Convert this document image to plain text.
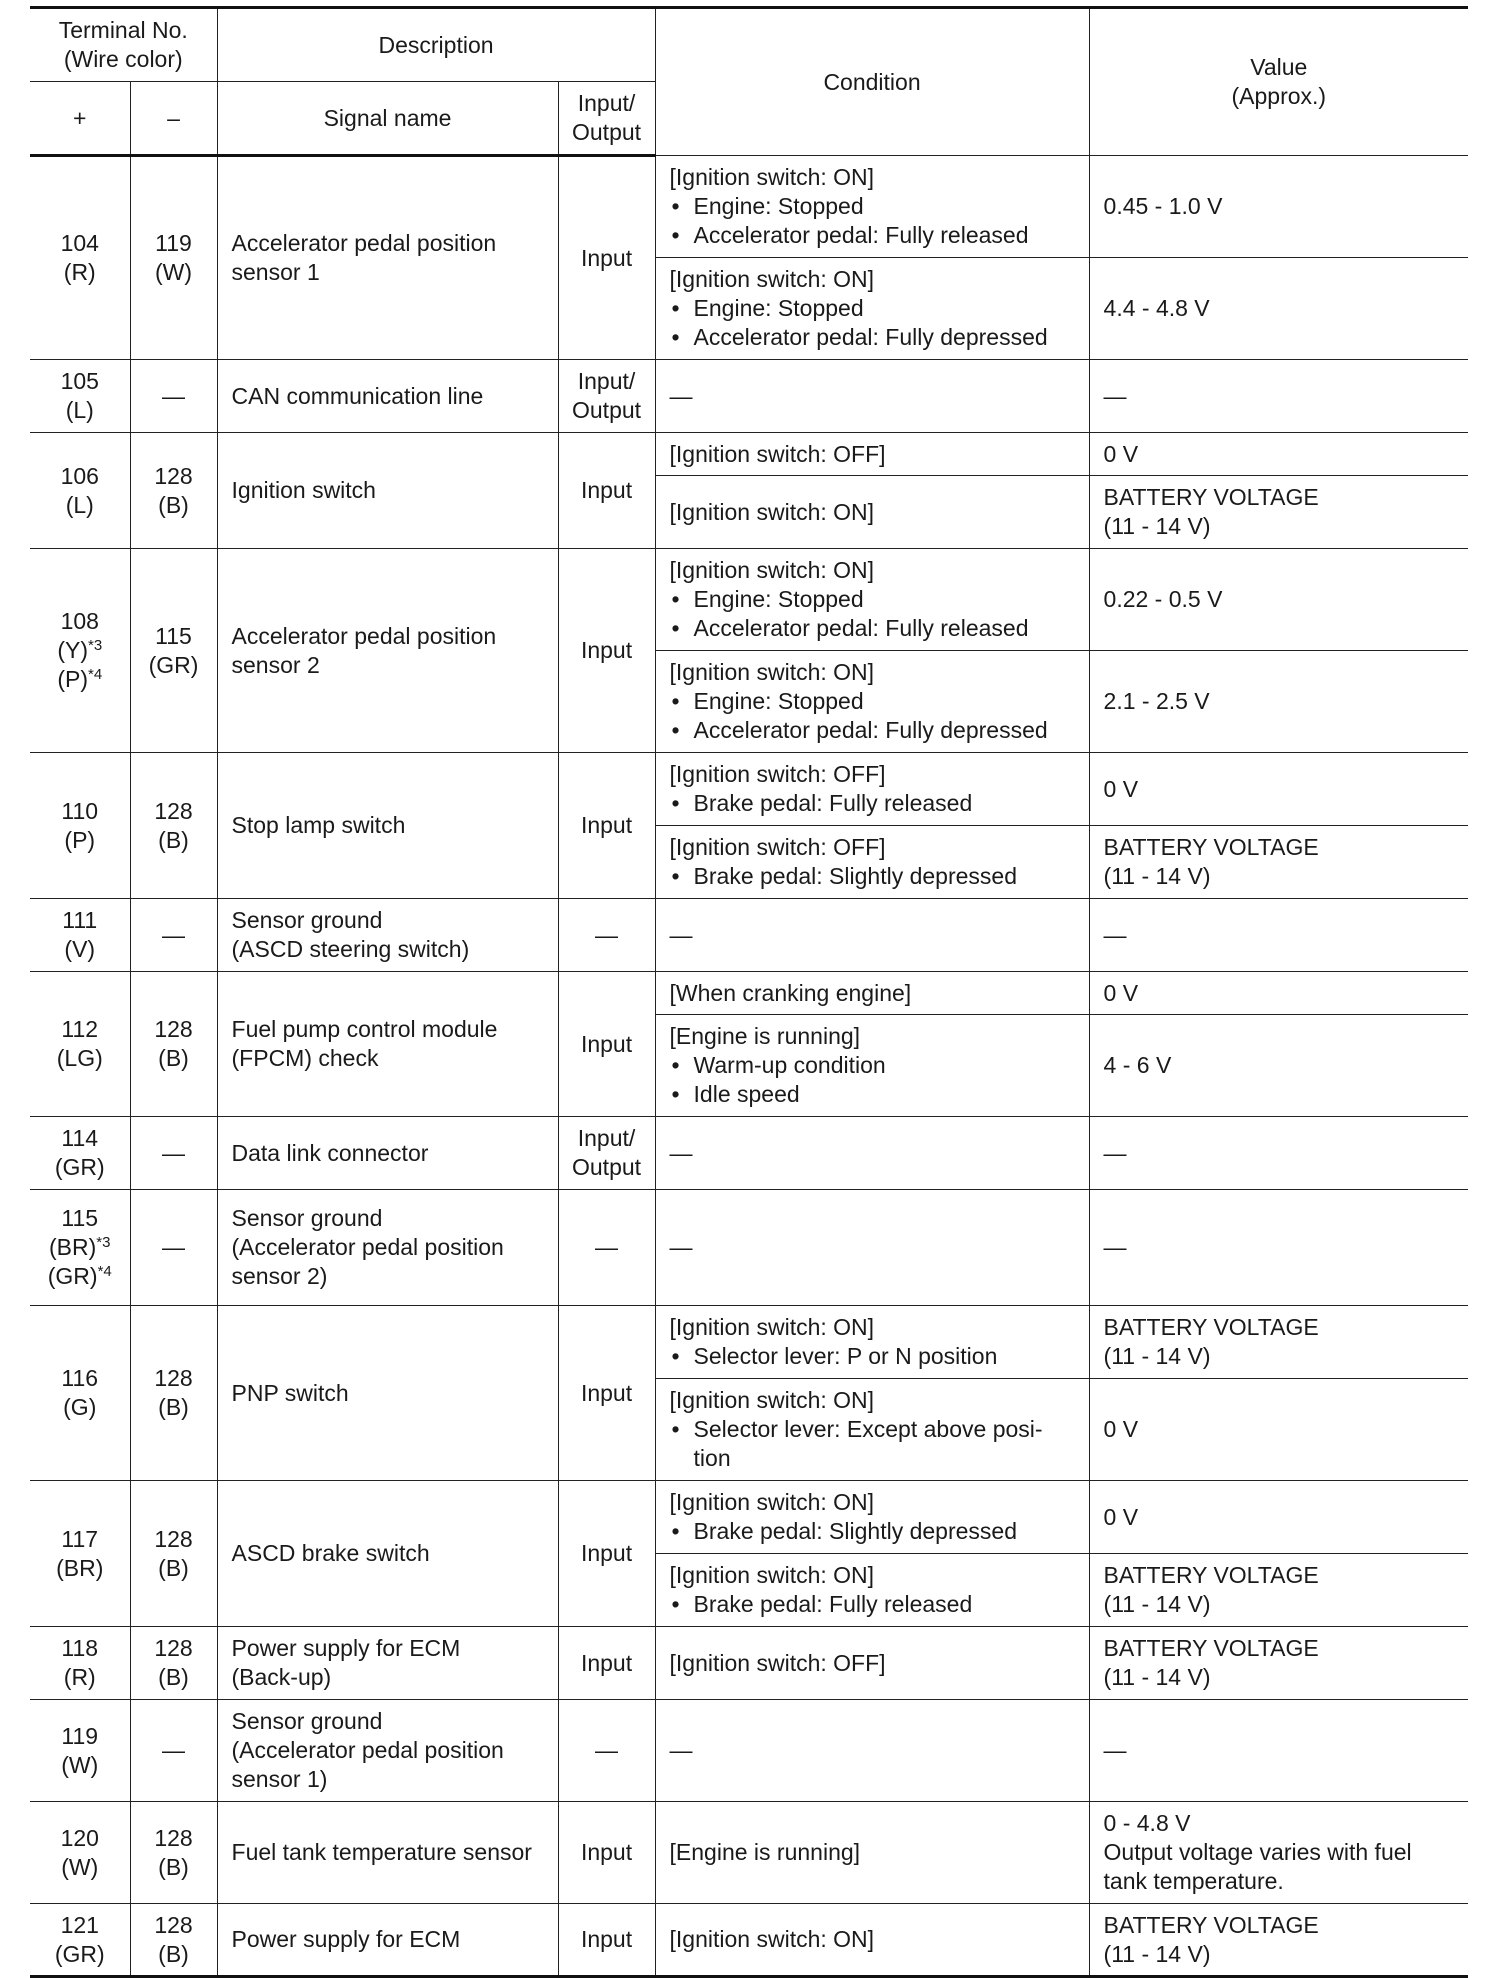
Terminal No.
(Wire color)		Description		Condition	Value
(Approx.)

+	–	Signal name	Input/
Output		

104
(R)	119
(W)	Accelerator pedal position
sensor 1	Input	[Ignition switch: ON]
• Engine: Stopped
• Accelerator pedal: Fully released	0.45 - 1.0 V

				[Ignition switch: ON]
• Engine: Stopped
• Accelerator pedal: Fully depressed	4.4 - 4.8 V

105
(L)	—	CAN communication line	Input/
Output	—	—

106
(L)	128
(B)	Ignition switch	Input	[Ignition switch: OFF]	0 V

				[Ignition switch: ON]	BATTERY VOLTAGE
(11 - 14 V)

108
$(Y)^{*3}$
$(P)^{*4}$	115
(GR)	Accelerator pedal position
sensor 2	Input	[Ignition switch: ON]
• Engine: Stopped
• Accelerator pedal: Fully released	0.22 - 0.5 V

				[Ignition switch: ON]
• Engine: Stopped
• Accelerator pedal: Fully depressed	2.1 - 2.5 V

110
(P)	128
(B)	Stop lamp switch	Input	[Ignition switch: OFF]
• Brake pedal: Fully released	0 V

				[Ignition switch: OFF]
• Brake pedal: Slightly depressed	BATTERY VOLTAGE
(11 - 14 V)

111
(V)	—	Sensor ground
(ASCD steering switch)	—	—	—

112
(LG)	128
(B)	Fuel pump control module
(FPCM) check	Input	[When cranking engine]	0 V

				[Engine is running]
• Warm-up condition
• Idle speed	4 - 6 V

114
(GR)	—	Data link connector	Input/
Output	—	—

115
(BR)$^{*3}$
(GR)$^{*4}$	—	Sensor ground
(Accelerator pedal position
sensor 2)	—	—	—

116
(G)	128
(B)	PNP switch	Input	[Ignition switch: ON]
• Selector lever: P or N position	BATTERY VOLTAGE
(11 - 14 V)

				[Ignition switch: ON]
• Selector lever: Except above posi-
tion	0 V

117
(BR)	128
(B)	ASCD brake switch	Input	[Ignition switch: ON]
• Brake pedal: Slightly depressed	0 V

				[Ignition switch: ON]
• Brake pedal: Fully released	BATTERY VOLTAGE
(11 - 14 V)

118
(R)	128
(B)	Power supply for ECM
(Back-up)	Input	[Ignition switch: OFF]	BATTERY VOLTAGE
(11 - 14 V)

119
(W)	—	Sensor ground
(Accelerator pedal position
sensor 1)	—	—	—

120
(W)	128
(B)	Fuel tank temperature sensor	Input	[Engine is running]	0 - 4.8 V
Output voltage varies with fuel
tank temperature.

121
(GR)	128
(B)	Power supply for ECM	Input	[Ignition switch: ON]	BATTERY VOLTAGE
(11 - 14 V)
